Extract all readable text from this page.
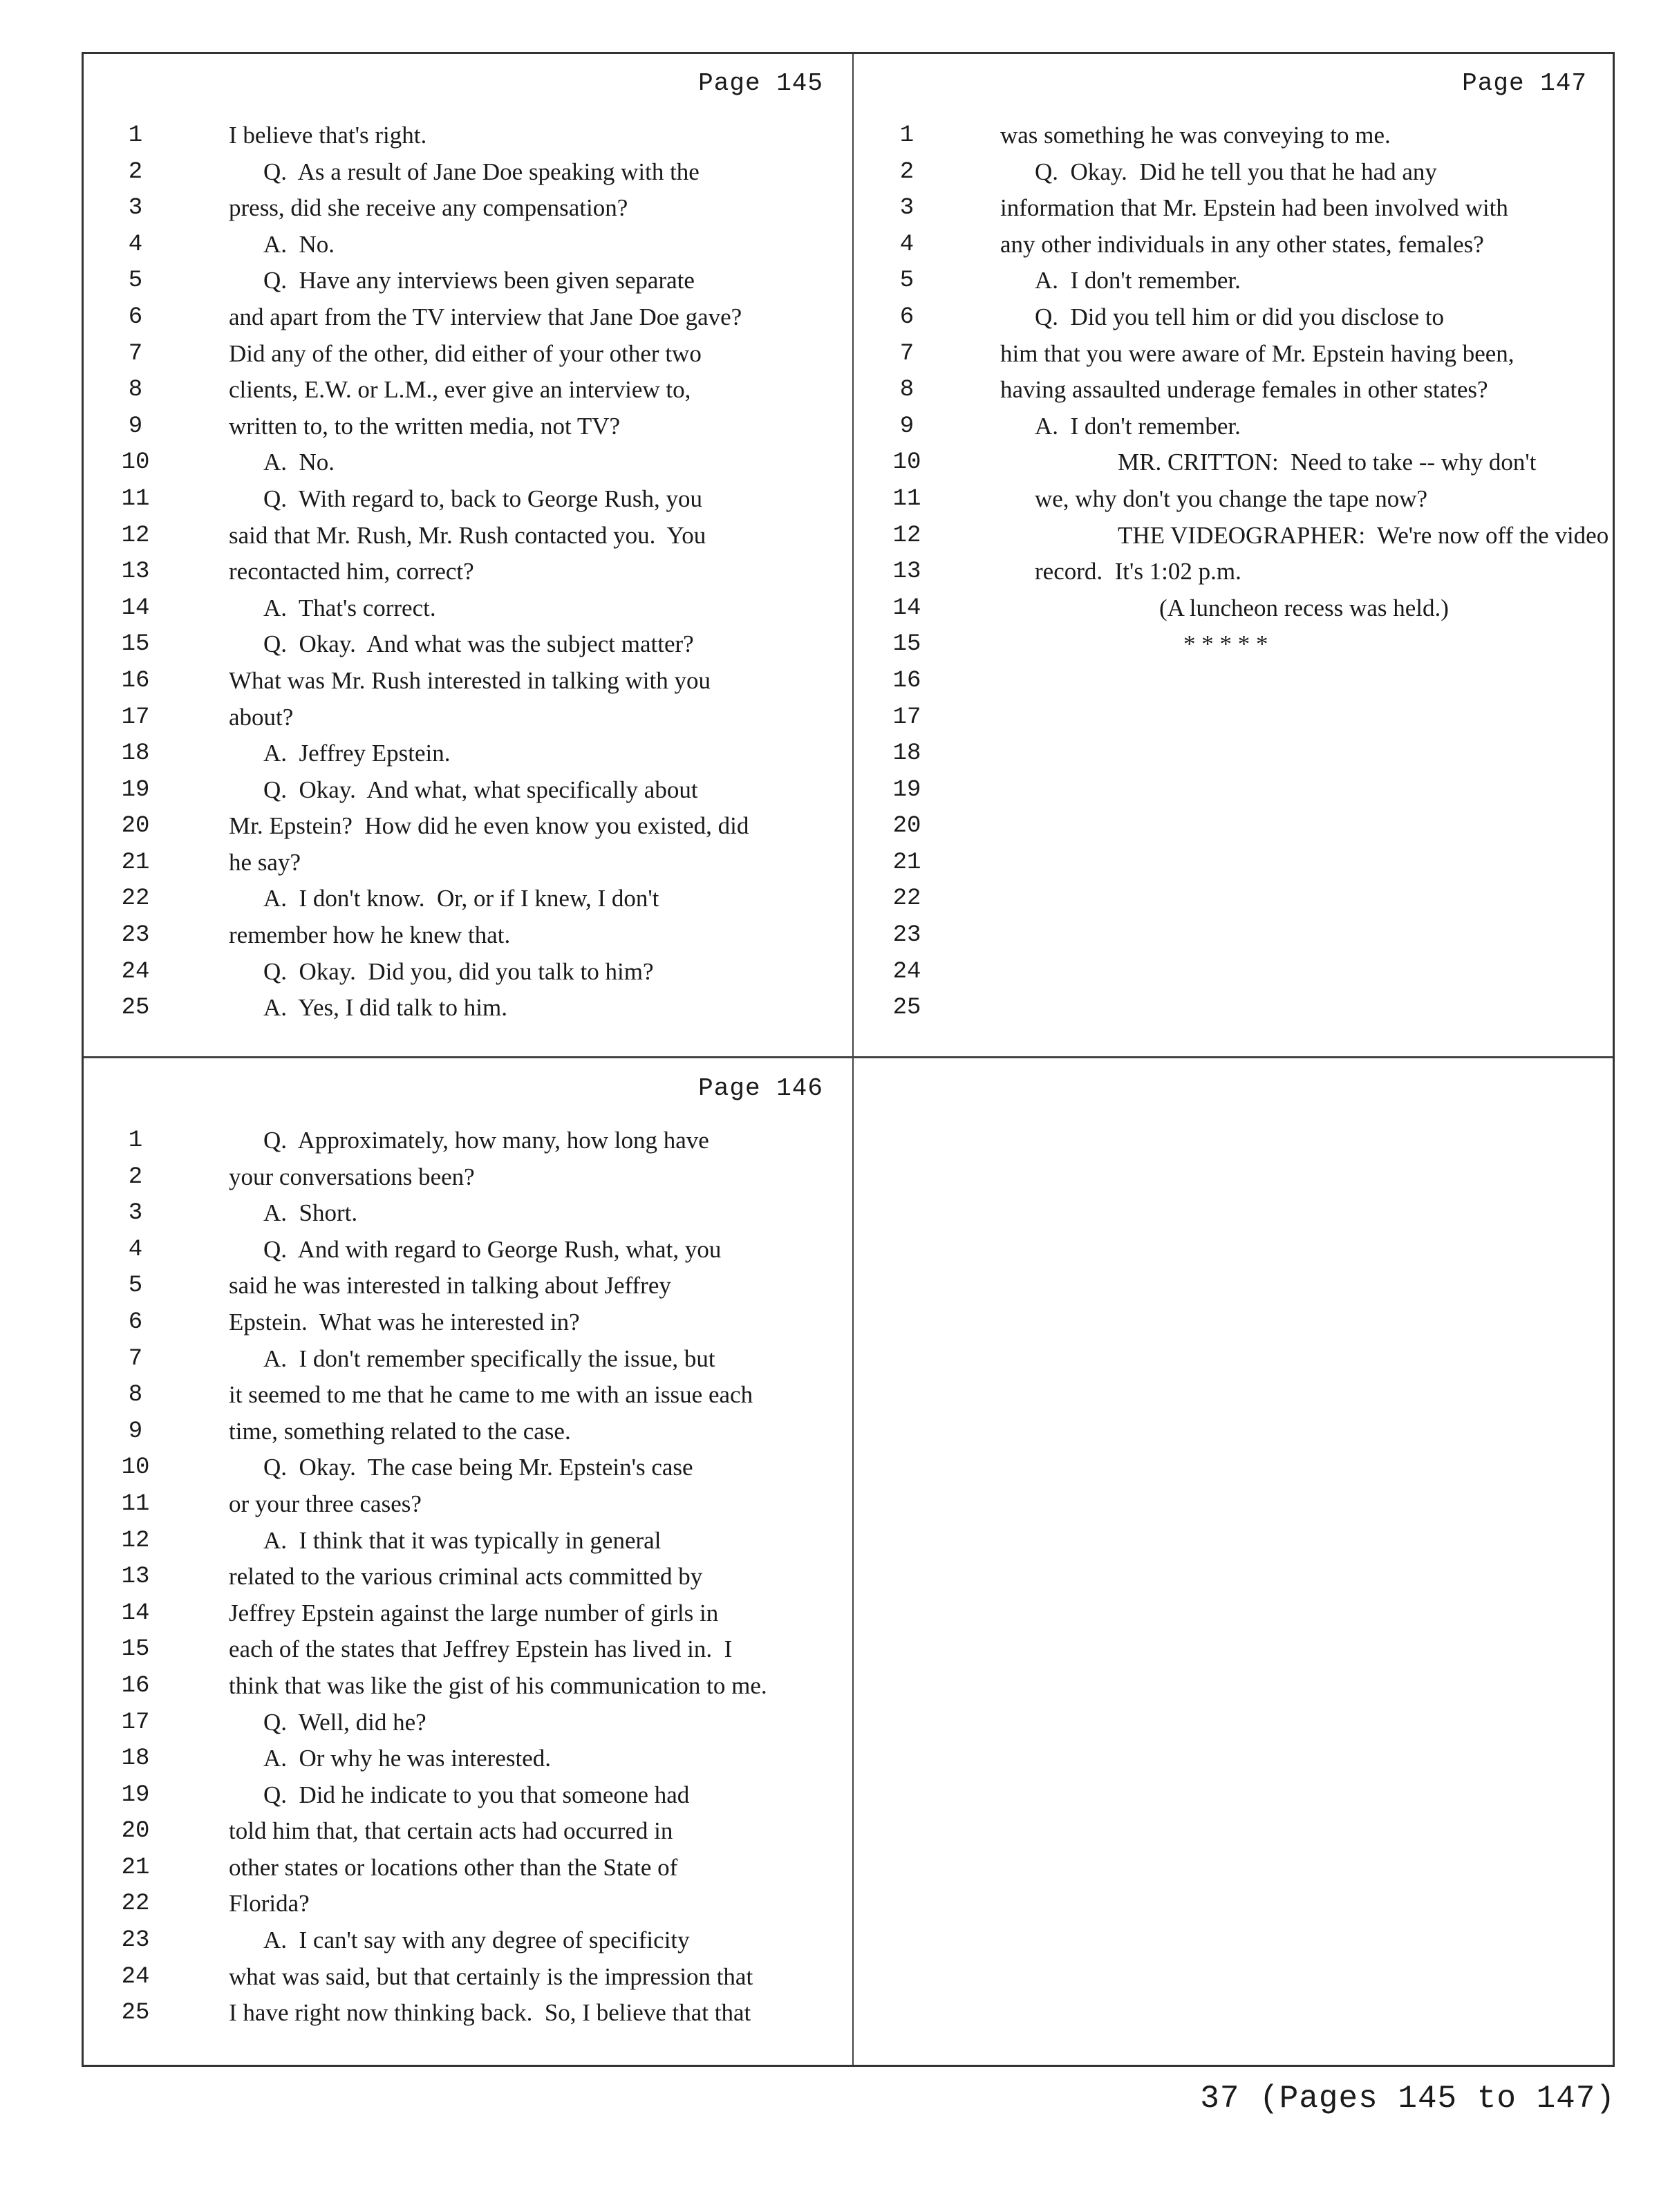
Page 145
1	I believe that's right.
2	Q.  As a result of Jane Doe speaking with the
3	press, did she receive any compensation?
4	A.  No.
5	Q.  Have any interviews been given separate
6	and apart from the TV interview that Jane Doe gave?
7	Did any of the other, did either of your other two
8	clients, E.W. or L.M., ever give an interview to,
9	written to, to the written media, not TV?
10	A.  No.
11	Q.  With regard to, back to George Rush, you
12	said that Mr. Rush, Mr. Rush contacted you.  You
13	recontacted him, correct?
14	A.  That's correct.
15	Q.  Okay.  And what was the subject matter?
16	What was Mr. Rush interested in talking with you
17	about?
18	A.  Jeffrey Epstein.
19	Q.  Okay.  And what, what specifically about
20	Mr. Epstein?  How did he even know you existed, did
21	he say?
22	A.  I don't know.  Or, or if I knew, I don't
23	remember how he knew that.
24	Q.  Okay.  Did you, did you talk to him?
25	A.  Yes, I did talk to him.
Page 147
1	was something he was conveying to me.
2	Q.  Okay.  Did he tell you that he had any
3	information that Mr. Epstein had been involved with
4	any other individuals in any other states, females?
5	A.  I don't remember.
6	Q.  Did you tell him or did you disclose to
7	him that you were aware of Mr. Epstein having been,
8	having assaulted underage females in other states?
9	A.  I don't remember.
10	MR. CRITTON:  Need to take -- why don't
11	we, why don't you change the tape now?
12	THE VIDEOGRAPHER:  We're now off the video
13	record.  It's 1:02 p.m.
14	(A luncheon recess was held.)
15	* * * * *
16
17
18
19
20
21
22
23
24
25
Page 146
1	Q.  Approximately, how many, how long have
2	your conversations been?
3	A.  Short.
4	Q.  And with regard to George Rush, what, you
5	said he was interested in talking about Jeffrey
6	Epstein.  What was he interested in?
7	A.  I don't remember specifically the issue, but
8	it seemed to me that he came to me with an issue each
9	time, something related to the case.
10	Q.  Okay.  The case being Mr. Epstein's case
11	or your three cases?
12	A.  I think that it was typically in general
13	related to the various criminal acts committed by
14	Jeffrey Epstein against the large number of girls in
15	each of the states that Jeffrey Epstein has lived in.  I
16	think that was like the gist of his communication to me.
17	Q.  Well, did he?
18	A.  Or why he was interested.
19	Q.  Did he indicate to you that someone had
20	told him that, that certain acts had occurred in
21	other states or locations other than the State of
22	Florida?
23	A.  I can't say with any degree of specificity
24	what was said, but that certainly is the impression that
25	I have right now thinking back.  So, I believe that that
37 (Pages 145 to 147)
